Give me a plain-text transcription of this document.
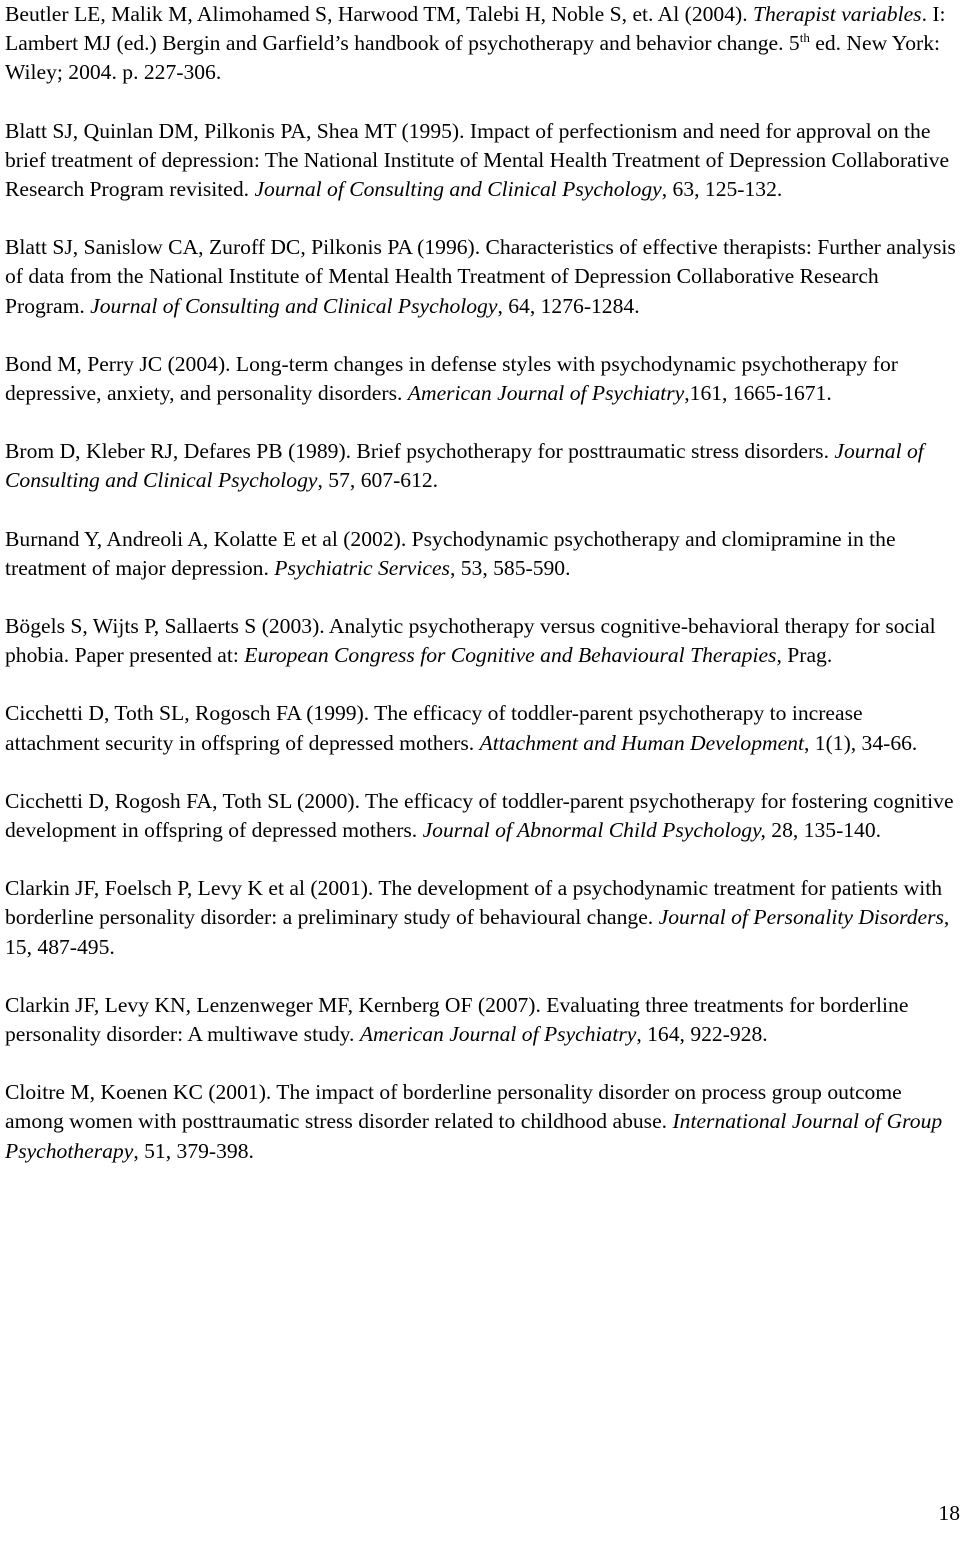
Beutler LE, Malik M, Alimohamed S, Harwood TM, Talebi H, Noble S, et. Al (2004). Therapist variables. I: Lambert MJ (ed.) Bergin and Garfield’s handbook of psychotherapy and behavior change. 5th ed. New York: Wiley; 2004. p. 227-306.

Blatt SJ, Quinlan DM, Pilkonis PA, Shea MT (1995). Impact of perfectionism and need for approval on the brief treatment of depression: The National Institute of Mental Health Treatment of Depression Collaborative Research Program revisited. Journal of Consulting and Clinical Psychology, 63, 125-132.

Blatt SJ, Sanislow CA, Zuroff DC, Pilkonis PA (1996). Characteristics of effective therapists: Further analysis of data from the National Institute of Mental Health Treatment of Depression Collaborative Research Program. Journal of Consulting and Clinical Psychology, 64, 1276-1284.

Bond M, Perry JC (2004). Long-term changes in defense styles with psychodynamic psychotherapy for depressive, anxiety, and personality disorders. American Journal of Psychiatry,161, 1665-1671.

Brom D, Kleber RJ, Defares PB (1989). Brief psychotherapy for posttraumatic stress disorders. Journal of Consulting and Clinical Psychology, 57, 607-612.

Burnand Y, Andreoli A, Kolatte E et al (2002). Psychodynamic psychotherapy and clomipramine in the treatment of major depression. Psychiatric Services, 53, 585-590.

Bögels S, Wijts P, Sallaerts S (2003). Analytic psychotherapy versus cognitive-behavioral therapy for social phobia. Paper presented at: European Congress for Cognitive and Behavioural Therapies, Prag.

Cicchetti D, Toth SL, Rogosch FA (1999). The efficacy of toddler-parent psychotherapy to increase attachment security in offspring of depressed mothers. Attachment and Human Development, 1(1), 34-66.

Cicchetti D, Rogosh FA, Toth SL (2000). The efficacy of toddler-parent psychotherapy for fostering cognitive development in offspring of depressed mothers. Journal of Abnormal Child Psychology, 28, 135-140.

Clarkin JF, Foelsch P, Levy K et al (2001). The development of a psychodynamic treatment for patients with borderline personality disorder: a preliminary study of behavioural change. Journal of Personality Disorders, 15, 487-495.

Clarkin JF, Levy KN, Lenzenweger MF, Kernberg OF (2007). Evaluating three treatments for borderline personality disorder: A multiwave study. American Journal of Psychiatry, 164, 922-928.

Cloitre M, Koenen KC (2001). The impact of borderline personality disorder on process group outcome among women with posttraumatic stress disorder related to childhood abuse. International Journal of Group Psychotherapy, 51, 379-398.

18
